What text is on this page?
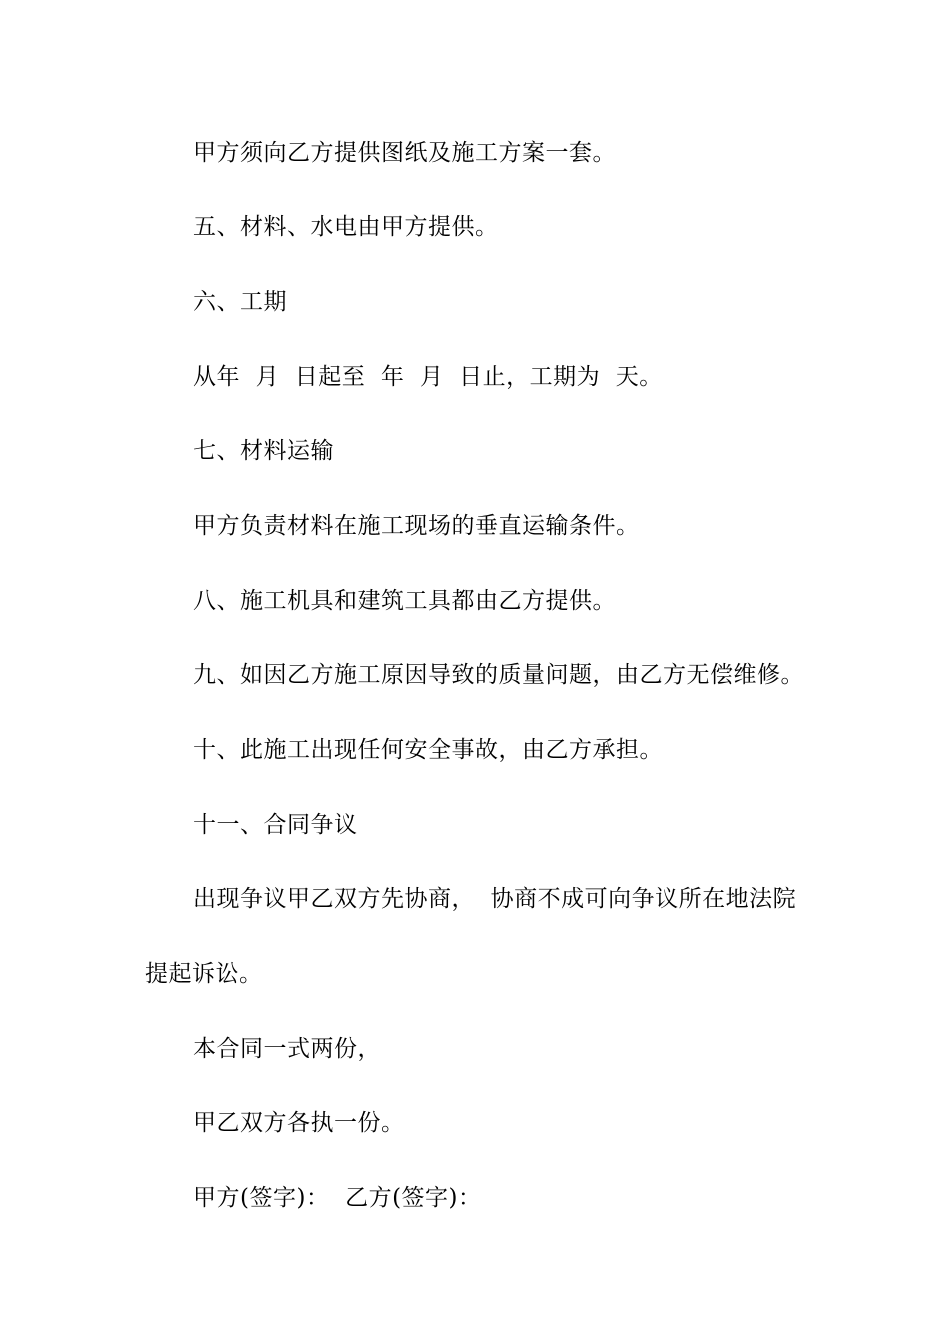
甲方须向乙方提供图纸及施工方案一套。
五、材料、水电由甲方提供。
六、工期
从年  月  日起至  年  月  日止，工期为  天。
七、材料运输
甲方负责材料在施工现场的垂直运输条件。
八、施工机具和建筑工具都由乙方提供。
九、如因乙方施工原因导致的质量问题，由乙方无偿维修。
十、此施工出现任何安全事故，由乙方承担。
十一、合同争议
出现争议甲乙双方先协商，  协商不成可向争议所在地法院
提起诉讼。
本合同一式两份，
甲乙双方各执一份。
甲方(签字)：  乙方(签字)：
